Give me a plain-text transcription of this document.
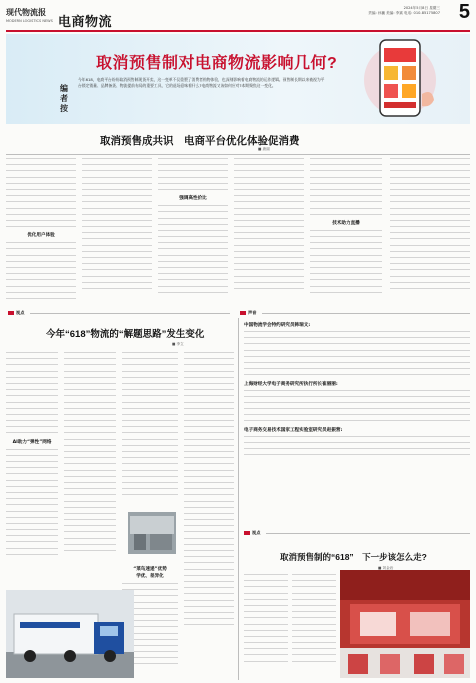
现代物流报
MODERN LOGISTICS NEWS 电商物流
2024年5月8日 星期三
责编: 孙巍 美编: 李斌 电话: 010-85175807 5
取消预售制对电商物流影响几何?
编者按
今年618，电商平台纷纷取消预售制现货开卖，这一变革不仅重塑了消费者购物体验，也深刻影响着电商物流的运作逻辑。预售制长期以来被视为平台锁定销量、品牌备货、物流提前布局的重要工具，它的退场意味着什么?电商物流又该如何应对?本期聚焦这一变化。
取消预售成共识　电商平台优化体验促消费
■ 唐丽
优化用户体验
强调高性价比
技术助力直播
视点	声音
今年“618”物流的“解题思路”发生变化
■ 李立
AI助力“弹性”网络
“菜鸟速递”优势
学优、差异化
中国物流学会特约研究员韩瑞文:
上海财经大学电子商务研究所执行所长崔丽丽:
电子商务交易技术国家工程实验室研究员赵振营:
视点
取消预售制的“618”　下一步该怎么走?
■ 刘金岩
